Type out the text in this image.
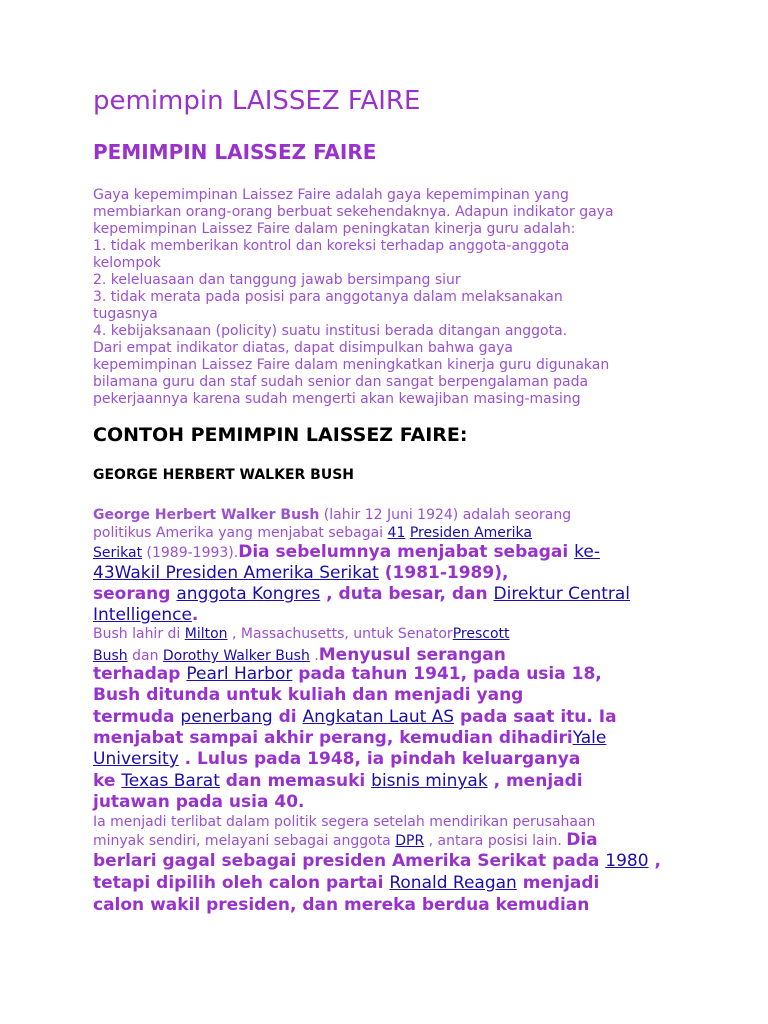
pemimpin LAISSEZ FAIRE
PEMIMPIN LAISSEZ FAIRE
Gaya kepemimpinan Laissez Faire adalah gaya kepemimpinan yang
membiarkan orang-orang berbuat sekehendaknya. Adapun indikator gaya
kepemimpinan Laissez Faire dalam peningkatan kinerja guru adalah:
1. tidak memberikan kontrol dan koreksi terhadap anggota-anggota
kelompok
2. keleluasaan dan tanggung jawab bersimpang siur
3. tidak merata pada posisi para anggotanya dalam melaksanakan
tugasnya
4. kebijaksanaan (policity) suatu institusi berada ditangan anggota.
Dari empat indikator diatas, dapat disimpulkan bahwa gaya
kepemimpinan Laissez Faire dalam meningkatkan kinerja guru digunakan
bilamana guru dan staf sudah senior dan sangat berpengalaman pada
pekerjaannya karena sudah mengerti akan kewajiban masing-masing
CONTOH PEMIMPIN LAISSEZ FAIRE:
GEORGE HERBERT WALKER BUSH
George Herbert Walker Bush (lahir 12 Juni 1924) adalah seorang
politikus Amerika yang menjabat sebagai 41 Presiden Amerika
Serikat (1989-1993).Dia sebelumnya menjabat sebagai ke-
43Wakil Presiden Amerika Serikat (1981-1989),
seorang anggota Kongres , duta besar, dan Direktur Central
Intelligence.
Bush lahir di Milton , Massachusetts, untuk SenatorPrescott
Bush dan Dorothy Walker Bush .Menyusul serangan
terhadap Pearl Harbor pada tahun 1941, pada usia 18,
Bush ditunda untuk kuliah dan menjadi yang
termuda penerbang di Angkatan Laut AS pada saat itu. Ia
menjabat sampai akhir perang, kemudian dihadiriYale
University . Lulus pada 1948, ia pindah keluarganya
ke Texas Barat dan memasuki bisnis minyak , menjadi
jutawan pada usia 40.
Ia menjadi terlibat dalam politik segera setelah mendirikan perusahaan
minyak sendiri, melayani sebagai anggota DPR , antara posisi lain. Dia
berlari gagal sebagai presiden Amerika Serikat pada 1980 ,
tetapi dipilih oleh calon partai Ronald Reagan menjadi
calon wakil presiden, dan mereka berdua kemudian
